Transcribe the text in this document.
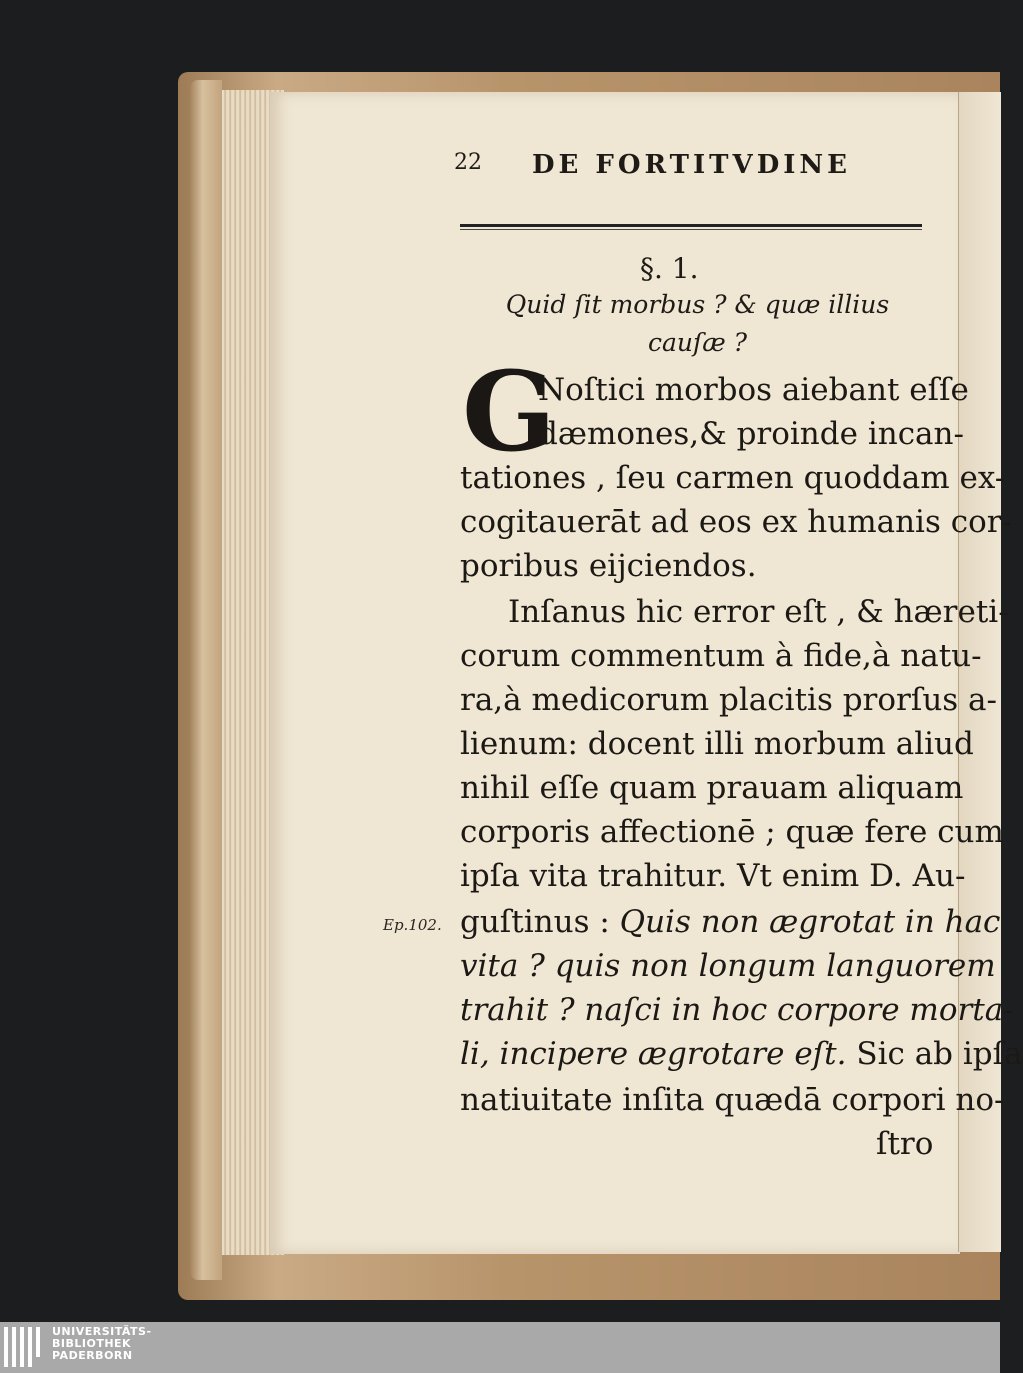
22 DE FORTITVDINE
§. 1.
Quid ſit morbus ? & quæ illius
cauſæ ?
G
Noſtici morbos aiebant eſſe
dæmones,& proinde incan-
tationes , ſeu carmen quoddam ex-
cogitauerāt ad eos ex humanis cor-
poribus eijciendos.
Inſanus hic error eſt , & hæreti-
corum commentum à fide,à natu-
ra,à medicorum placitis prorſus a-
lienum: docent illi morbum aliud
nihil eſſe quam prauam aliquam
corporis affectionē ; quæ fere cum
ipſa vita trahitur. Vt enim D. Au-
Ep.102. guſtinus : Quis non ægrotat in hac
vita ? quis non longum languorem
trahit ? naſci in hoc corpore morta-
li, incipere ægrotare eſt. Sic ab ipſa
natiuitate inſita quædā corpori no-
ſtro
UNIVERSITÄTS-
BIBLIOTHEK
PADERBORN
